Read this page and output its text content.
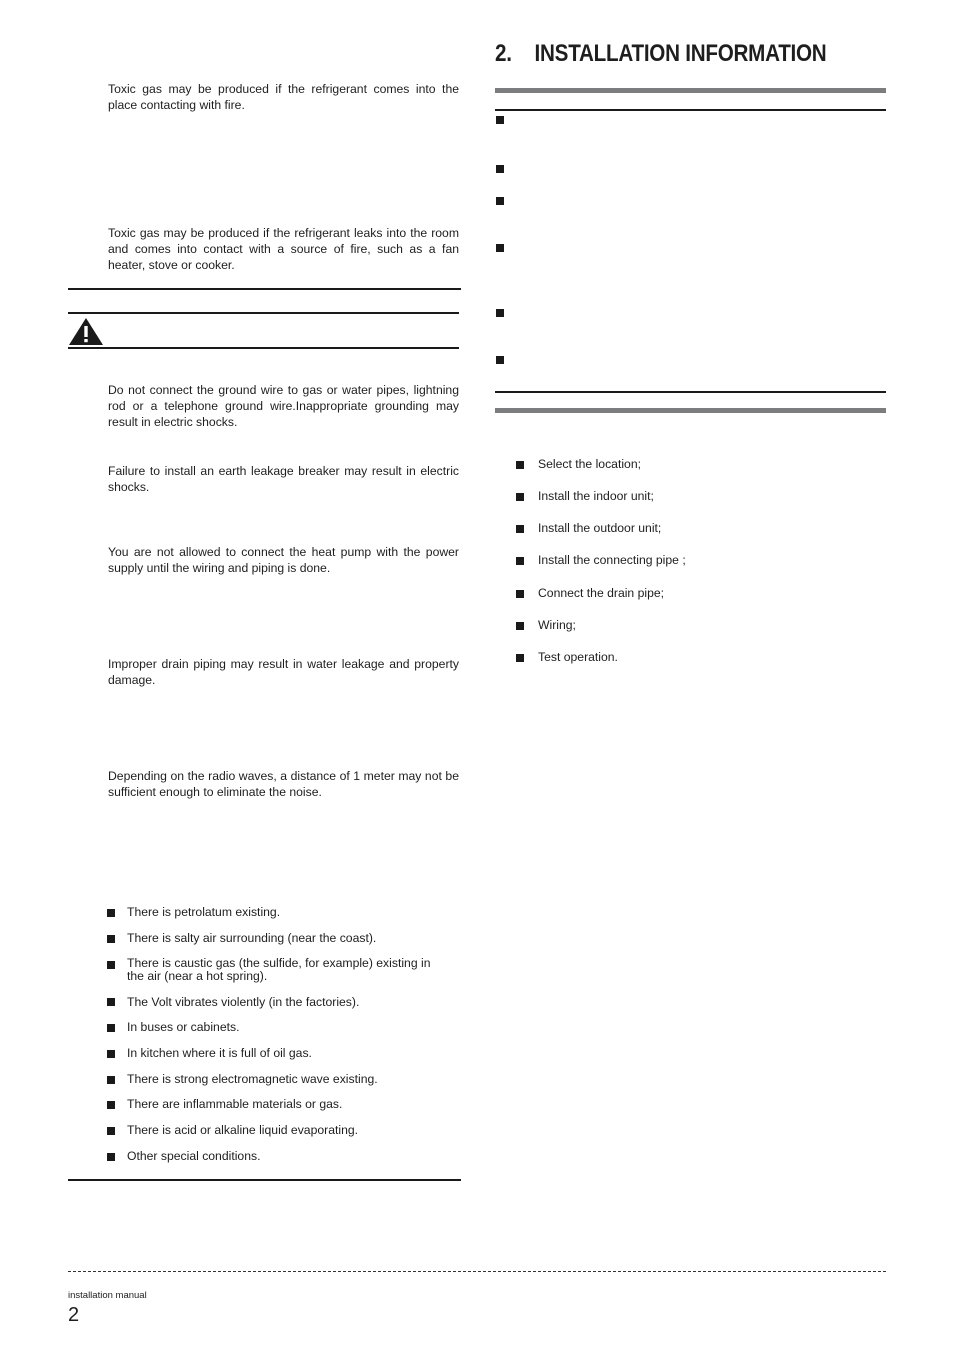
Toxic gas may be produced if the refrigerant comes into the place contacting with fire.
Toxic gas may be produced if the refrigerant leaks into the room and comes into contact with a source of fire, such as a fan heater, stove or cooker.
Do not connect the ground wire to gas or water pipes, lightning rod or a telephone ground wire.Inappropriate grounding may result in electric shocks.
Failure to install an earth leakage breaker may result in electric shocks.
You are not allowed to connect the heat pump with the power supply until the wiring and piping is done.
Improper drain piping may result in water leakage and property damage.
Depending on the radio waves, a distance of 1 meter may not be sufficient enough to eliminate the noise.
There is petrolatum existing.
There is salty air surrounding (near the coast).
There is caustic gas (the sulfide, for example) existing in the air (near a hot spring).
The Volt vibrates violently (in the factories).
In buses or cabinets.
In kitchen where it is full of oil gas.
There is strong electromagnetic wave existing.
There are inflammable materials or gas.
There is acid or alkaline liquid evaporating.
Other special conditions.
2. INSTALLATION INFORMATION
Select the location;
Install the indoor unit;
Install the outdoor unit;
Install the connecting pipe ;
Connect the drain pipe;
Wiring;
Test operation.
installation manual
2
